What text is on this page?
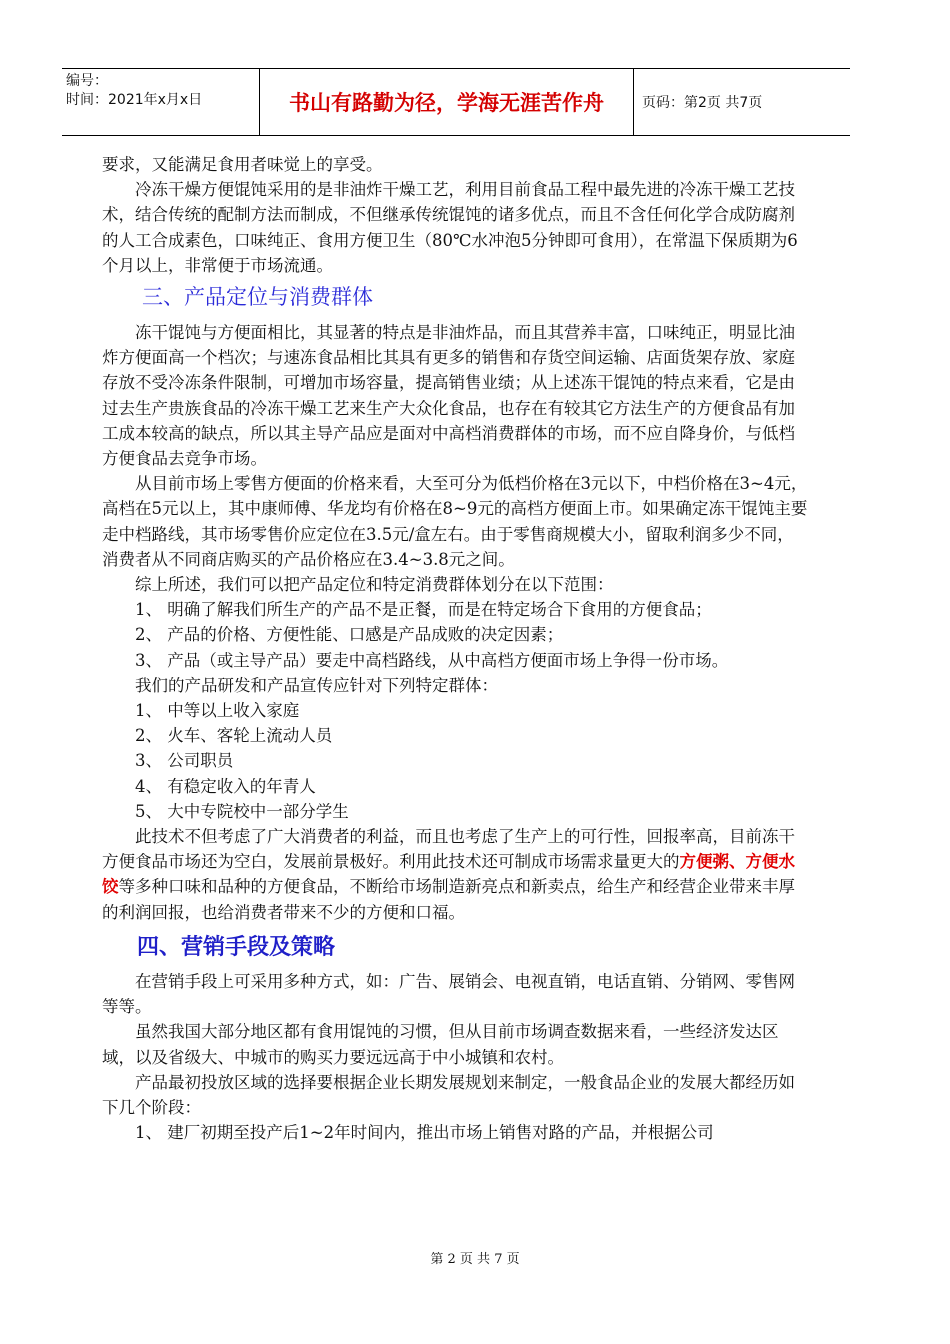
编号：
时间：2021年x月x日	书山有路勤为径，学海无涯苦作舟	页码：第2页 共7页

要求，又能满足食用者味觉上的享受。

冷冻干燥方便馄饨采用的是非油炸干燥工艺，利用目前食品工程中最先进的冷冻干燥工艺技术，结合传统的配制方法而制成，不但继承传统馄饨的诸多优点，而且不含任何化学合成防腐剂的人工合成素色，口味纯正、食用方便卫生（80℃水冲泡5分钟即可食用），在常温下保质期为6个月以上，非常便于市场流通。

三、产品定位与消费群体

冻干馄饨与方便面相比，其显著的特点是非油炸品，而且其营养丰富，口味纯正，明显比油炸方便面高一个档次；与速冻食品相比其具有更多的销售和存货空间运输、店面货架存放、家庭存放不受冷冻条件限制，可增加市场容量，提高销售业绩；从上述冻干馄饨的特点来看，它是由过去生产贵族食品的冷冻干燥工艺来生产大众化食品，也存在有较其它方法生产的方便食品有加工成本较高的缺点，所以其主导产品应是面对中高档消费群体的市场，而不应自降身价，与低档方便食品去竞争市场。

从目前市场上零售方便面的价格来看，大至可分为低档价格在3元以下，中档价格在3~4元，高档在5元以上，其中康师傅、华龙均有价格在8~9元的高档方便面上市。如果确定冻干馄饨主要走中档路线，其市场零售价应定位在3.5元/盒左右。由于零售商规模大小，留取利润多少不同，消费者从不同商店购买的产品价格应在3.4~3.8元之间。

综上所述，我们可以把产品定位和特定消费群体划分在以下范围：

1、 明确了解我们所生产的产品不是正餐，而是在特定场合下食用的方便食品；

2、 产品的价格、方便性能、口感是产品成败的决定因素；

3、 产品（或主导产品）要走中高档路线，从中高档方便面市场上争得一份市场。

我们的产品研发和产品宣传应针对下列特定群体：

1、 中等以上收入家庭

2、 火车、客轮上流动人员

3、 公司职员

4、 有稳定收入的年青人

5、 大中专院校中一部分学生

此技术不但考虑了广大消费者的利益，而且也考虑了生产上的可行性，回报率高，目前冻干方便食品市场还为空白，发展前景极好。利用此技术还可制成市场需求量更大的方便粥、方便水饺等多种口味和品种的方便食品，不断给市场制造新亮点和新卖点，给生产和经营企业带来丰厚的利润回报，也给消费者带来不少的方便和口福。

四、营销手段及策略

在营销手段上可采用多种方式，如：广告、展销会、电视直销，电话直销、分销网、零售网等等。

虽然我国大部分地区都有食用馄饨的习惯，但从目前市场调查数据来看，一些经济发达区域，以及省级大、中城市的购买力要远远高于中小城镇和农村。

产品最初投放区域的选择要根据企业长期发展规划来制定，一般食品企业的发展大都经历如下几个阶段：

1、 建厂初期至投产后1~2年时间内，推出市场上销售对路的产品，并根据公司

第 2 页 共 7 页
